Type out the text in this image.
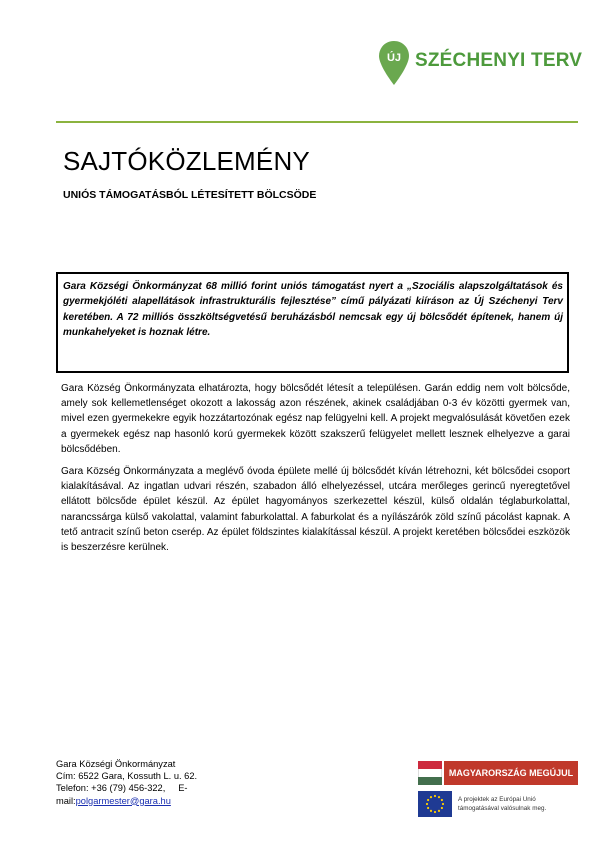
ÚJ SZÉCHENYI TERV
SAJTÓKÖZLEMÉNY
UNIÓS TÁMOGATÁSBÓL LÉTESÍTETT BÖLCSÖDE

Gara Községi Önkormányzat 68 millió forint uniós támogatást nyert a „Szociális alapszolgáltatások és gyermekjóléti alapellátások infrastrukturális fejlesztése” című pályázati kiíráson az Új Széchenyi Terv keretében. A 72 milliós összköltségvetésű beruházásból nemcsak egy új bölcsődét építenek, hanem új munkahelyeket is hoznak létre.

Gara Község Önkormányzata elhatározta, hogy bölcsődét létesít a településen. Garán eddig nem volt bölcsőde, amely sok kellemetlenséget okozott a lakosság azon részének, akinek családjában 0-3 év közötti gyermek van, mivel ezen gyermekekre egyik hozzátartozónak egész nap felügyelni kell. A projekt megvalósulását követően ezek a gyermekek egész nap hasonló korú gyermekek között szakszerű felügyelet mellett lesznek elhelyezve a garai bölcsődében.

Gara Község Önkormányzata a meglévő óvoda épülete mellé új bölcsődét kíván létrehozni, két bölcsődei csoport kialakításával. Az ingatlan udvari részén, szabadon álló elhelyezéssel, utcára merőleges gerincű nyeregtetővel ellátott bölcsőde épület készül. Az épület hagyományos szerkezettel készül, külső oldalán téglaburkolattal, narancssárga külső vakolattal, valamint faburkolattal. A faburkolat és a nyílászárók zöld színű pácolást kapnak. A tető antracit színű beton cserép. Az épület földszintes kialakítással készül. A projekt keretében bölcsődei eszközök is beszerzésre kerülnek.

Gara Községi Önkormányzat
Cím: 6522 Gara, Kossuth L. u. 62.
Telefon: +36 (79) 456-322,     E-
mail:polgarmester@gara.hu
MAGYARORSZÁG MEGÚJUL
A projektek az Európai Unió
támogatásával valósulnak meg.
